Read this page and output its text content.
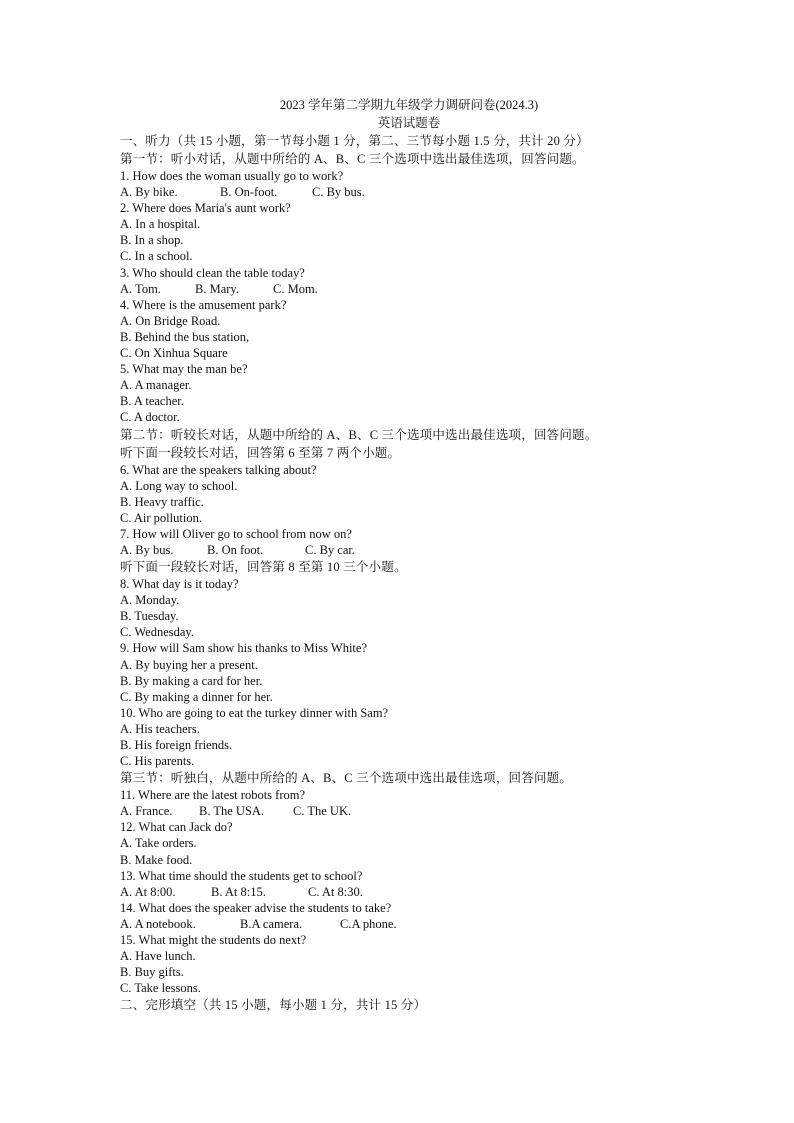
2023 学年第二学期九年级学力调研问卷(2024.3)
英语试题卷
一、听力（共 15 小题，第一节每小题 1 分，第二、三节每小题 1.5 分，共计 20 分）
第一节：听小对话，从题中所给的 A、B、C 三个选项中选出最佳选项，回答问题。
1. How does the woman usually go to work?
A. By bike.	B. On-foot.	C. By bus.
2. Where does Maria's aunt work?
A. In a hospital.
B. In a shop.
C. In a school.
3. Who should clean the table today?
A. Tom.	B. Mary.	C. Mom.
4. Where is the amusement park?
A. On Bridge Road.
B. Behind the bus station,
C. On Xinhua Square
5. What may the man be?
A. A manager.
B. A teacher.
C. A doctor.
第二节：听较长对话，从题中所给的 A、B、C 三个选项中选出最佳选项，回答问题。
听下面一段较长对话，回答第 6 至第 7 两个小题。
6. What are the speakers talking about?
A. Long way to school.
B. Heavy traffic.
C. Air pollution.
7. How will Oliver go to school from now on?
A. By bus.	B. On foot.	C. By car.
听下面一段较长对话，回答第 8 至第 10 三个小题。
8. What day is it today?
A. Monday.
B. Tuesday.
C. Wednesday.
9. How will Sam show his thanks to Miss White?
A. By buying her a present.
B. By making a card for her.
C. By making a dinner for her.
10. Who are going to eat the turkey dinner with Sam?
A. His teachers.
B. His foreign friends.
C. His parents.
第三节：听独白，从题中所给的 A、B、C 三个选项中选出最佳选项，回答问题。
11. Where are the latest robots from?
A. France.	B. The USA.	C. The UK.
12. What can Jack do?
A. Take orders.
B. Make food.
13. What time should the students get to school?
A. At 8:00.	B. At 8:15.	C. At 8:30.
14. What does the speaker advise the students to take?
A. A notebook.	B.A camera.	C.A phone.
15. What might the students do next?
A. Have lunch.
B. Buy gifts.
C. Take lessons.
二、完形填空（共 15 小题，每小题 1 分，共计 15 分）
